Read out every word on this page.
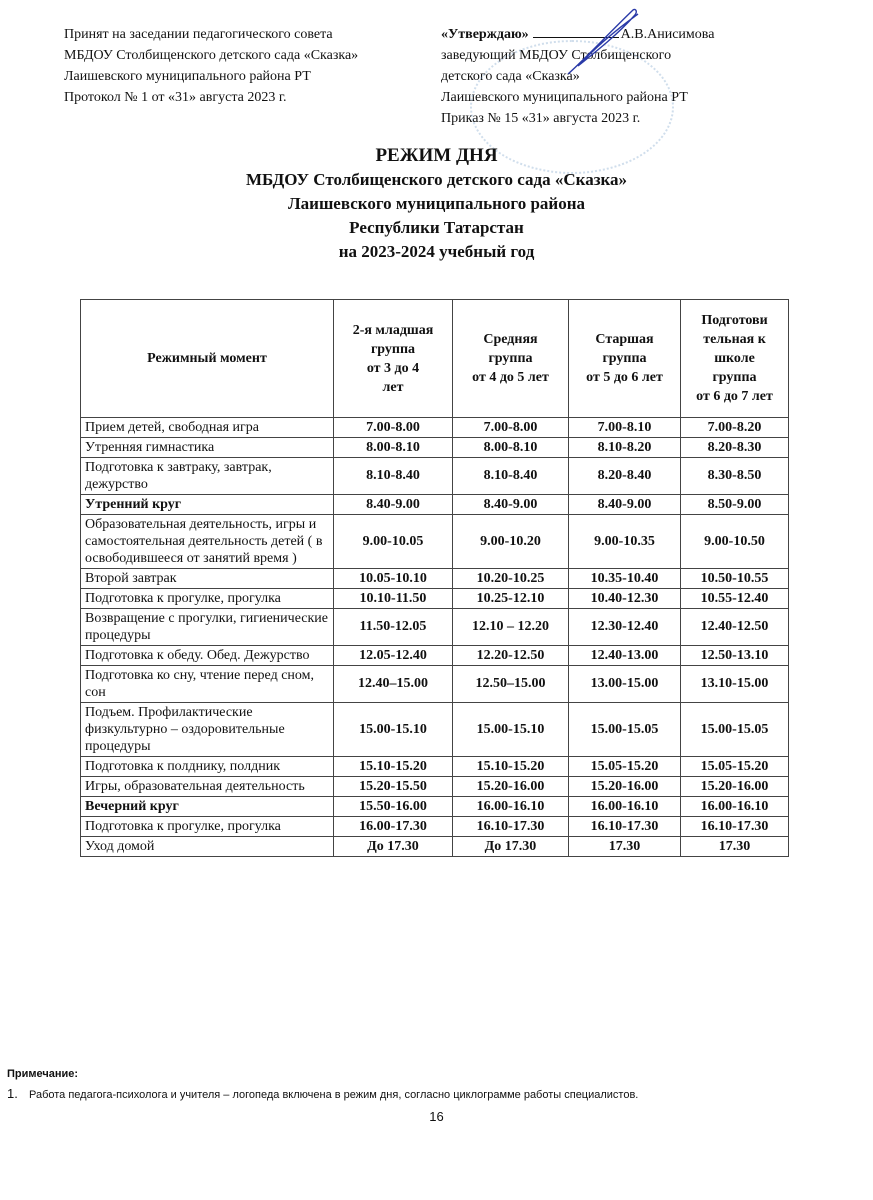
Принят на заседании педагогического совета
МБДОУ Столбищенского детского сада «Сказка»
Лаишевского муниципального района РТ
Протокол № 1 от «31» августа 2023 г.
«Утверждаю»	А.В.Анисимова
заведующий МБДОУ Столбищенского
детского сада «Сказка»
Лаишевского муниципального района РТ
Приказ № 15 «31» августа 2023 г.
РЕЖИМ ДНЯ
МБДОУ Столбищенского детского сада «Сказка»
Лаишевского муниципального района
Республики Татарстан
на 2023-2024 учебный год
Режимный момент

2-я младшая
группа
от 3 до 4
лет

Средняя
группа
от 4 до 5 лет

Старшая
группа
от 5 до 6 лет

Подготови
тельная к
школе
группа
от 6 до 7 лет

Прием детей, свободная игра	7.00-8.00	7.00-8.00	7.00-8.10	7.00-8.20
Утренняя гимнастика	8.00-8.10	8.00-8.10	8.10-8.20	8.20-8.30
Подготовка к завтраку, завтрак, дежурство	8.10-8.40	8.10-8.40	8.20-8.40	8.30-8.50
Утренний круг	8.40-9.00	8.40-9.00	8.40-9.00	8.50-9.00
Образовательная деятельность, игры и самостоятельная деятельность детей ( в освободившееся от занятий время )	9.00-10.05	9.00-10.20	9.00-10.35	9.00-10.50
Второй завтрак	10.05-10.10	10.20-10.25	10.35-10.40	10.50-10.55
Подготовка к прогулке, прогулка	10.10-11.50	10.25-12.10	10.40-12.30	10.55-12.40
Возвращение с прогулки, гигиенические процедуры	11.50-12.05	12.10 – 12.20	12.30-12.40	12.40-12.50
Подготовка к обеду. Обед. Дежурство	12.05-12.40	12.20-12.50	12.40-13.00	12.50-13.10
Подготовка ко сну, чтение перед сном, сон	12.40–15.00	12.50–15.00	13.00-15.00	13.10-15.00
Подъем. Профилактические физкультурно – оздоровительные процедуры	15.00-15.10	15.00-15.10	15.00-15.05	15.00-15.05
Подготовка к полднику, полдник	15.10-15.20	15.10-15.20	15.05-15.20	15.05-15.20
Игры, образовательная деятельность	15.20-15.50	15.20-16.00	15.20-16.00	15.20-16.00
Вечерний круг	15.50-16.00	16.00-16.10	16.00-16.10	16.00-16.10
Подготовка к прогулке, прогулка	16.00-17.30	16.10-17.30	16.10-17.30	16.10-17.30
Уход домой	До 17.30	До 17.30	17.30	17.30
Примечание:
1. Работа педагога-психолога и учителя – логопеда включена в режим дня, согласно циклограмме работы специалистов.
16
